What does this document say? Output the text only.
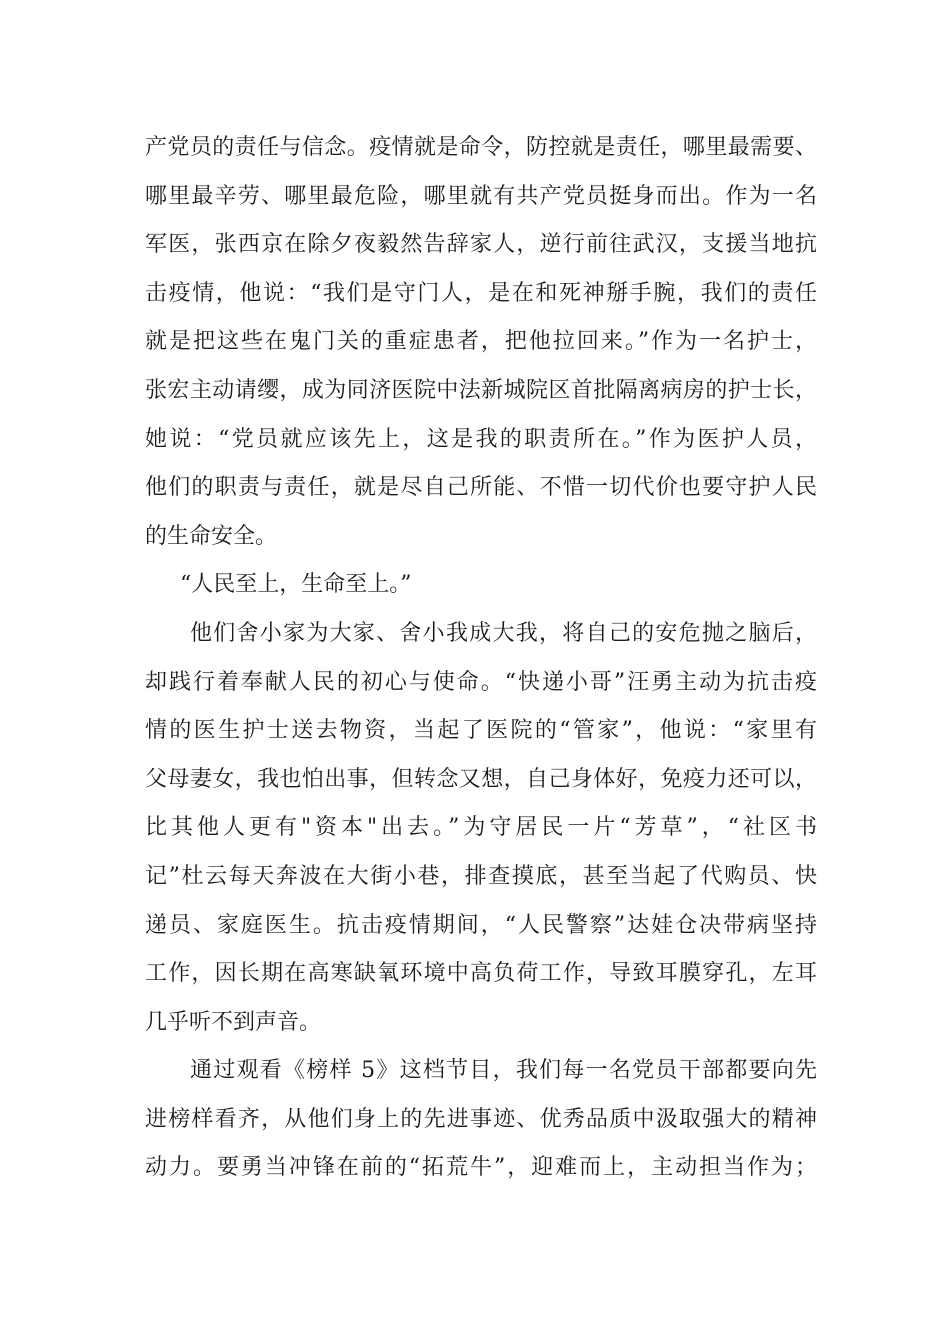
产党员的责任与信念。疫情就是命令，防控就是责任，哪里最需要、

哪里最辛劳、哪里最危险，哪里就有共产党员挺身而出。作为一名

军医，张西京在除夕夜毅然告辞家人，逆行前往武汉，支援当地抗

击疫情，他说：“我们是守门人，是在和死神掰手腕，我们的责任

就是把这些在鬼门关的重症患者，把他拉回来。”作为一名护士，

张宏主动请缨，成为同济医院中法新城院区首批隔离病房的护士长，

她说：“党员就应该先上，这是我的职责所在。”作为医护人员，

他们的职责与责任，就是尽自己所能、不惜一切代价也要守护人民

的生命安全。

“人民至上，生命至上。”

他们舍小家为大家、舍小我成大我，将自己的安危抛之脑后，

却践行着奉献人民的初心与使命。“快递小哥”汪勇主动为抗击疫

情的医生护士送去物资，当起了医院的“管家”，他说：“家里有

父母妻女，我也怕出事，但转念又想，自己身体好，免疫力还可以，

比其他人更有"资本"出去。”为守居民一片“芳草”，“社区书

记”杜云每天奔波在大街小巷，排查摸底，甚至当起了代购员、快

递员、家庭医生。抗击疫情期间，“人民警察”达娃仓决带病坚持

工作，因长期在高寒缺氧环境中高负荷工作，导致耳膜穿孔，左耳

几乎听不到声音。

通过观看《榜样 5》这档节目，我们每一名党员干部都要向先

进榜样看齐，从他们身上的先进事迹、优秀品质中汲取强大的精神

动力。要勇当冲锋在前的“拓荒牛”，迎难而上，主动担当作为；
